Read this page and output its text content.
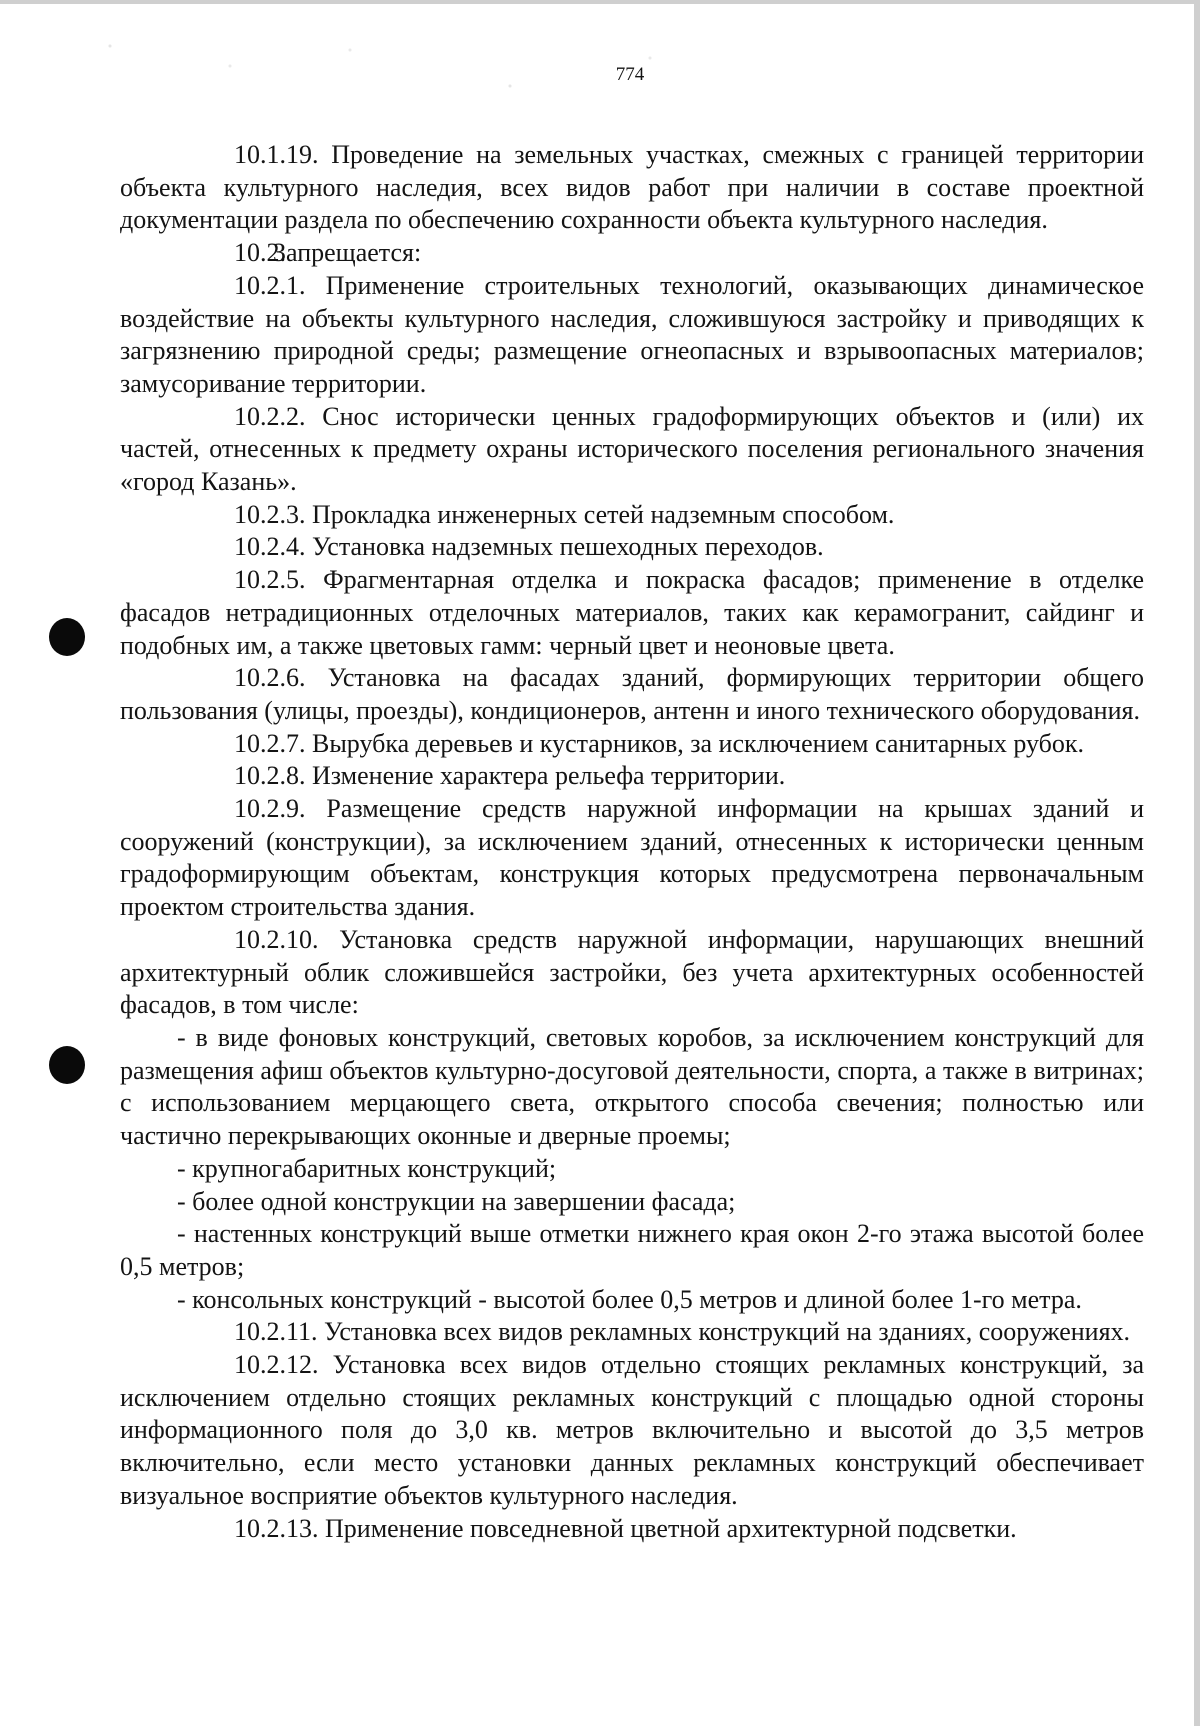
774

10.1.19. Проведение на земельных участках, смежных с границей территории объекта культурного наследия, всех видов работ при наличии в составе проектной документации раздела по обеспечению сохранности объекта культурного наследия.

10.2.Запрещается:

10.2.1. Применение строительных технологий, оказывающих динамическое воздействие на объекты культурного наследия, сложившуюся застройку и приводящих к загрязнению природной среды; размещение огнеопасных и взрывоопасных материалов; замусоривание территории.

10.2.2. Снос исторически ценных градоформирующих объектов и (или) их частей, отнесенных к предмету охраны исторического поселения регионального значения «город Казань».

10.2.3. Прокладка инженерных сетей надземным способом.

10.2.4. Установка надземных пешеходных переходов.

10.2.5. Фрагментарная отделка и покраска фасадов; применение в отделке фасадов нетрадиционных отделочных материалов, таких как керамогранит, сайдинг и подобных им, а также цветовых гамм: черный цвет и неоновые цвета.

10.2.6. Установка на фасадах зданий, формирующих территории общего пользования (улицы, проезды), кондиционеров, антенн и иного технического оборудования.

10.2.7. Вырубка деревьев и кустарников, за исключением санитарных рубок.

10.2.8. Изменение характера рельефа территории.

10.2.9. Размещение средств наружной информации на крышах зданий и сооружений (конструкции), за исключением зданий, отнесенных к исторически ценным градоформирующим объектам, конструкция которых предусмотрена первоначальным проектом строительства здания.

10.2.10. Установка средств наружной информации, нарушающих внешний архитектурный облик сложившейся застройки, без учета архитектурных особенностей фасадов, в том числе:

- в виде фоновых конструкций, световых коробов, за исключением конструкций для размещения афиш объектов культурно-досуговой деятельности, спорта, а также в витринах; с использованием мерцающего света, открытого способа свечения; полностью или частично перекрывающих оконные и дверные проемы;

- крупногабаритных конструкций;

- более одной конструкции на завершении фасада;

- настенных конструкций выше отметки нижнего края окон 2-го этажа высотой более 0,5 метров;

- консольных конструкций - высотой более 0,5 метров и длиной более 1-го метра.

10.2.11. Установка всех видов рекламных конструкций на зданиях, сооружениях.

10.2.12. Установка всех видов отдельно стоящих рекламных конструкций, за исключением отдельно стоящих рекламных конструкций с площадью одной стороны информационного поля до 3,0 кв. метров включительно и высотой до 3,5 метров включительно, если место установки данных рекламных конструкций обеспечивает визуальное восприятие объектов культурного наследия.

10.2.13. Применение повседневной цветной архитектурной подсветки.
